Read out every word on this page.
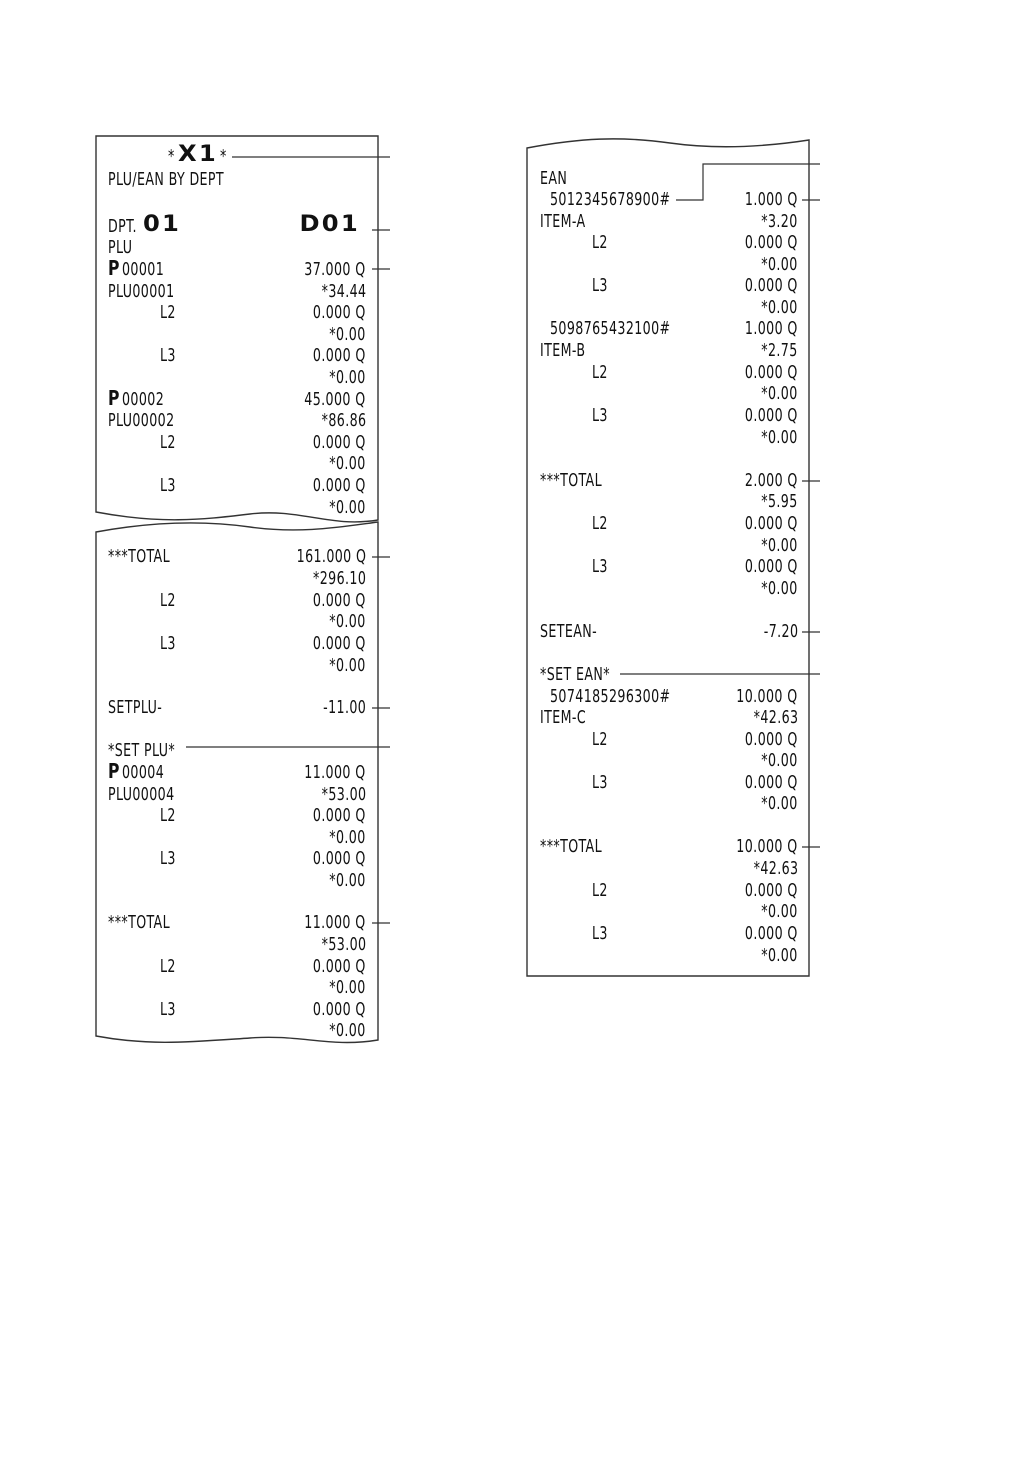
* X1 *
PLU/EAN BY DEPT
DPT. 01	D01
PLU
P 00001	37.000 Q
PLU00001	*34.44
L2	0.000 Q
*0.00
L3	0.000 Q
*0.00
P 00002	45.000 Q
PLU00002	*86.86
L2	0.000 Q
*0.00
L3	0.000 Q
*0.00
***TOTAL	161.000 Q
*296.10
L2	0.000 Q
*0.00
L3	0.000 Q
*0.00
SETPLU-	-11.00
*SET PLU*
P 00004	11.000 Q
PLU00004	*53.00
L2	0.000 Q
*0.00
L3	0.000 Q
*0.00
***TOTAL	11.000 Q
*53.00
L2	0.000 Q
*0.00
L3	0.000 Q
*0.00
EAN
5012345678900#	1.000 Q
ITEM-A	*3.20
L2	0.000 Q
*0.00
L3	0.000 Q
*0.00
5098765432100#	1.000 Q
ITEM-B	*2.75
L2	0.000 Q
*0.00
L3	0.000 Q
*0.00
***TOTAL	2.000 Q
*5.95
L2	0.000 Q
*0.00
L3	0.000 Q
*0.00
SETEAN-	-7.20
*SET EAN*
5074185296300#	10.000 Q
ITEM-C	*42.63
L2	0.000 Q
*0.00
L3	0.000 Q
*0.00
***TOTAL	10.000 Q
*42.63
L2	0.000 Q
*0.00
L3	0.000 Q
*0.00
